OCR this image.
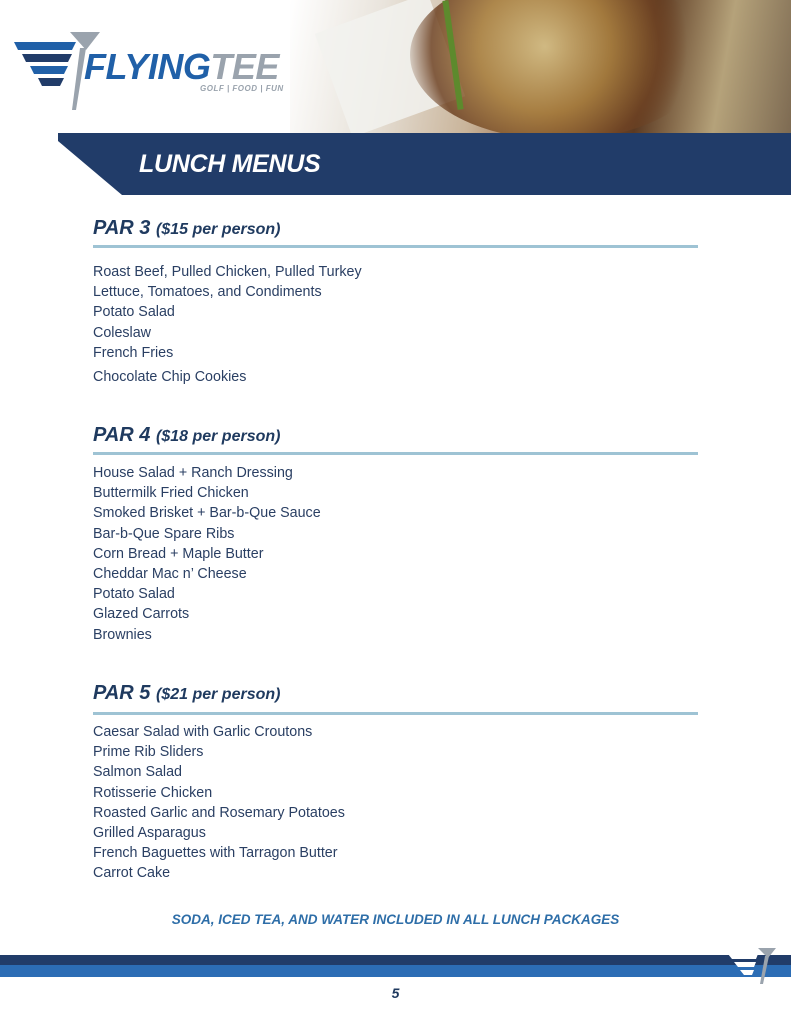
FLYINGTEE
GOLF | FOOD | FUN
LUNCH MENUS
PAR 3 ($15 per person)
Roast Beef, Pulled Chicken, Pulled Turkey
Lettuce, Tomatoes, and Condiments
Potato Salad
Coleslaw
French Fries
Chocolate Chip Cookies
PAR 4 ($18 per person)
House Salad + Ranch Dressing
Buttermilk Fried Chicken
Smoked Brisket + Bar-b-Que Sauce
Bar-b-Que Spare Ribs
Corn Bread + Maple Butter
Cheddar Mac n’ Cheese
Potato Salad
Glazed Carrots
Brownies
PAR 5 ($21 per person)
Caesar Salad with Garlic Croutons
Prime Rib Sliders
Salmon Salad
Rotisserie Chicken
Roasted Garlic and Rosemary Potatoes
Grilled Asparagus
French Baguettes with Tarragon Butter
Carrot Cake
SODA, ICED TEA, AND WATER INCLUDED IN ALL LUNCH PACKAGES
5
